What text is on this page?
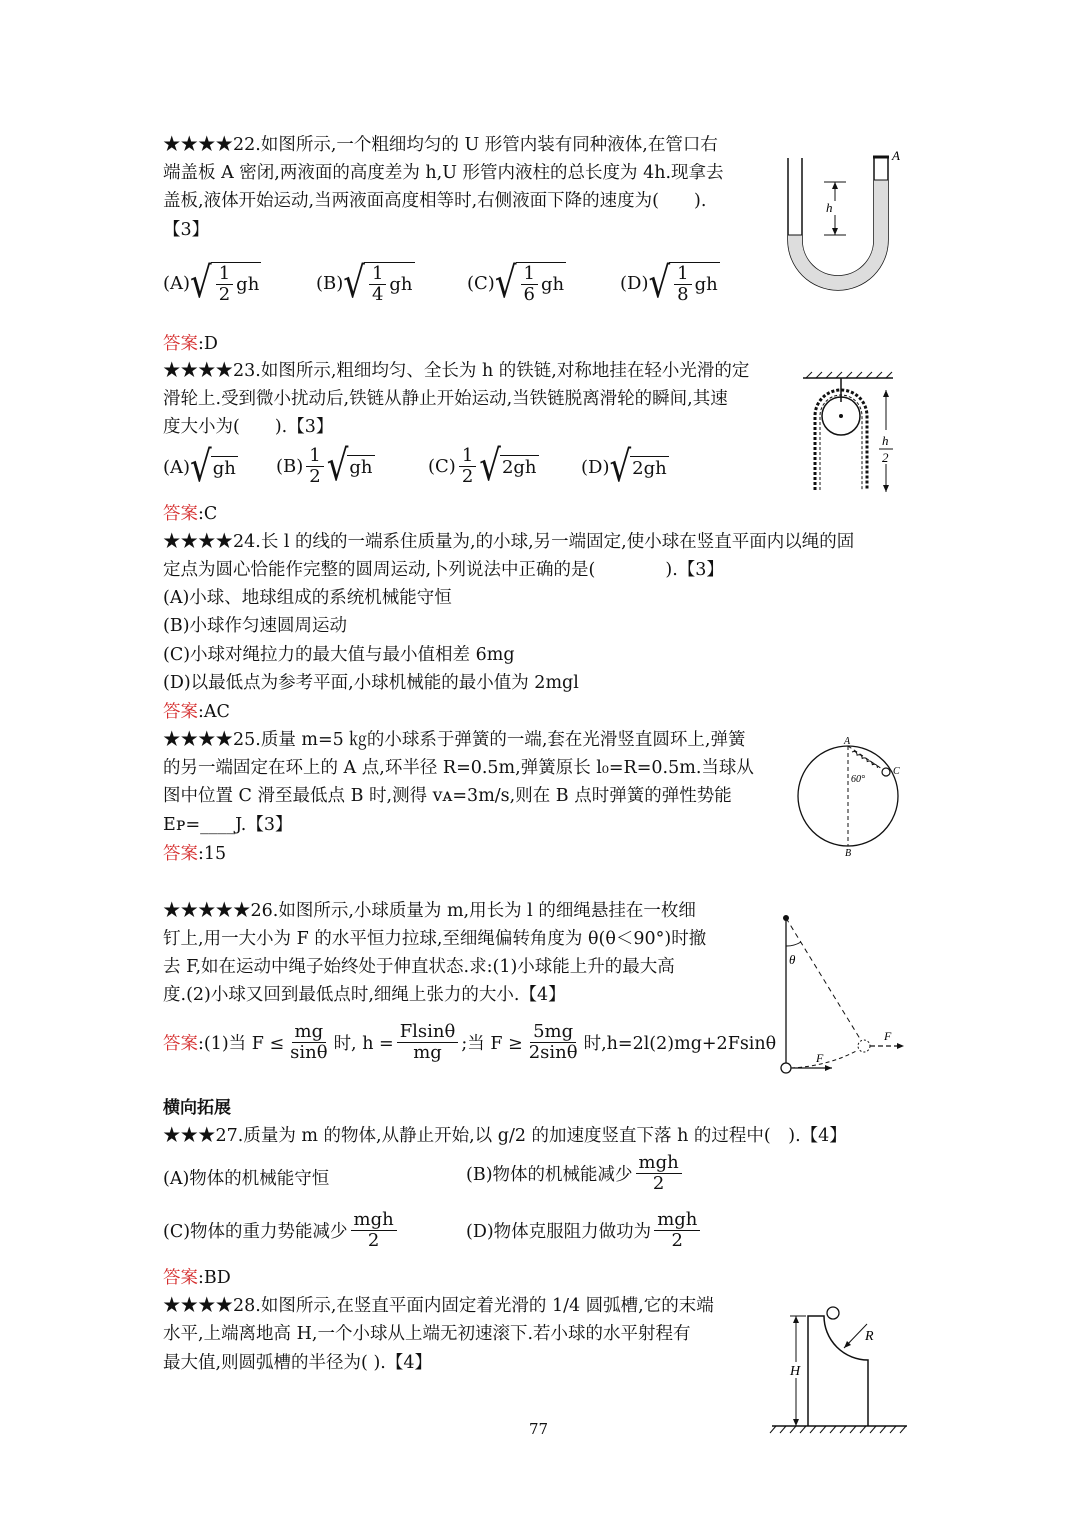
★★★★22.如图所示,一个粗细均匀的 U 形管内装有同种液体,在管口右
端盖板 A 密闭,两液面的高度差为 h,U 形管内液柱的总长度为 4h.现拿去
盖板,液体开始运动,当两液面高度相等时,右侧液面下降的速度为(　　).
【3】
(A) √ $\frac{1}{2}$ gh	(B) √ $\frac{1}{4}$ gh	(C) √ $\frac{1}{6}$ gh	(D) √ $\frac{1}{8}$ gh
答案:D
A
h
★★★★23.如图所示,粗细均匀、全长为 h 的铁链,对称地挂在轻小光滑的定
滑轮上.受到微小扰动后,铁链从静止开始运动,当铁链脱离滑轮的瞬间,其速
度大小为(　　).【3】
(A) √ gh $(B) \frac{1}{2}$ √ gh	$(C) \frac{1}{2}$ √ 2gh (D) √ 2gh
答案:C
h
2
★★★★24.长 l 的线的一端系住质量为,的小球,另一端固定,使小球在竖直平面内以绳的固
定点为圆心恰能作完整的圆周运动,卜列说法中正确的是(　　　　).【3】
(A)小球、地球组成的系统机械能守恒
(B)小球作匀速圆周运动
(C)小球对绳拉力的最大值与最小值相差 6mg
(D)以最低点为参考平面,小球机械能的最小值为 2mgl
答案:AC
★★★★25.质量 m=5 ㎏的小球系于弹簧的一端,套在光滑竖直圆环上,弹簧
的另一端固定在环上的 A 点,环半径 R=0.5m,弹簧原长 l₀=R=0.5m.当球从
图中位置 C 滑至最低点 B 时,测得 vᴀ=3m/s,则在 B 点时弹簧的弹性势能
Eᴘ=____J.【3】
答案:15
A
B
C
60°
★★★★★26.如图所示,小球质量为 m,用长为 l 的细绳悬挂在一枚细
钉上,用一大小为 F 的水平恒力拉球,至细绳偏转角度为 θ(θ＜90°)时撤
去 F,如在运动中绳子始终处于伸直状态.求:(1)小球能上升的最大高
度.(2)小球又回到最低点时,细绳上张力的大小.【4】
答案 :(1)当 $F \le \frac{mg}{\sin\theta}$ 时, $h = \frac{Flsin\theta}{mg}$ ;当 $F \ge \frac{5mg}{2\sin\theta}$ 时,h=2l(2)mg+2Fsinθ
θ
F
F
横向拓展
★★★27.质量为 m 的物体,从静止开始,以 g/2 的加速度竖直下落 h 的过程中(　).【4】
(A)物体的机械能守恒	(B)物体的机械能减少 $\frac{\text{mgh}}{2}$
(C)物体的重力势能减少 $\frac{\text{mgh}}{2}$	(D)物体克服阻力做功为 $\frac{\text{mgh}}{2}$
答案:BD
★★★★28.如图所示,在竖直平面内固定着光滑的 1/4 圆弧槽,它的末端
水平,上端离地高 H,一个小球从上端无初速滚下.若小球的水平射程有
最大值,则圆弧槽的半径为( ).【4】
R
H
77
